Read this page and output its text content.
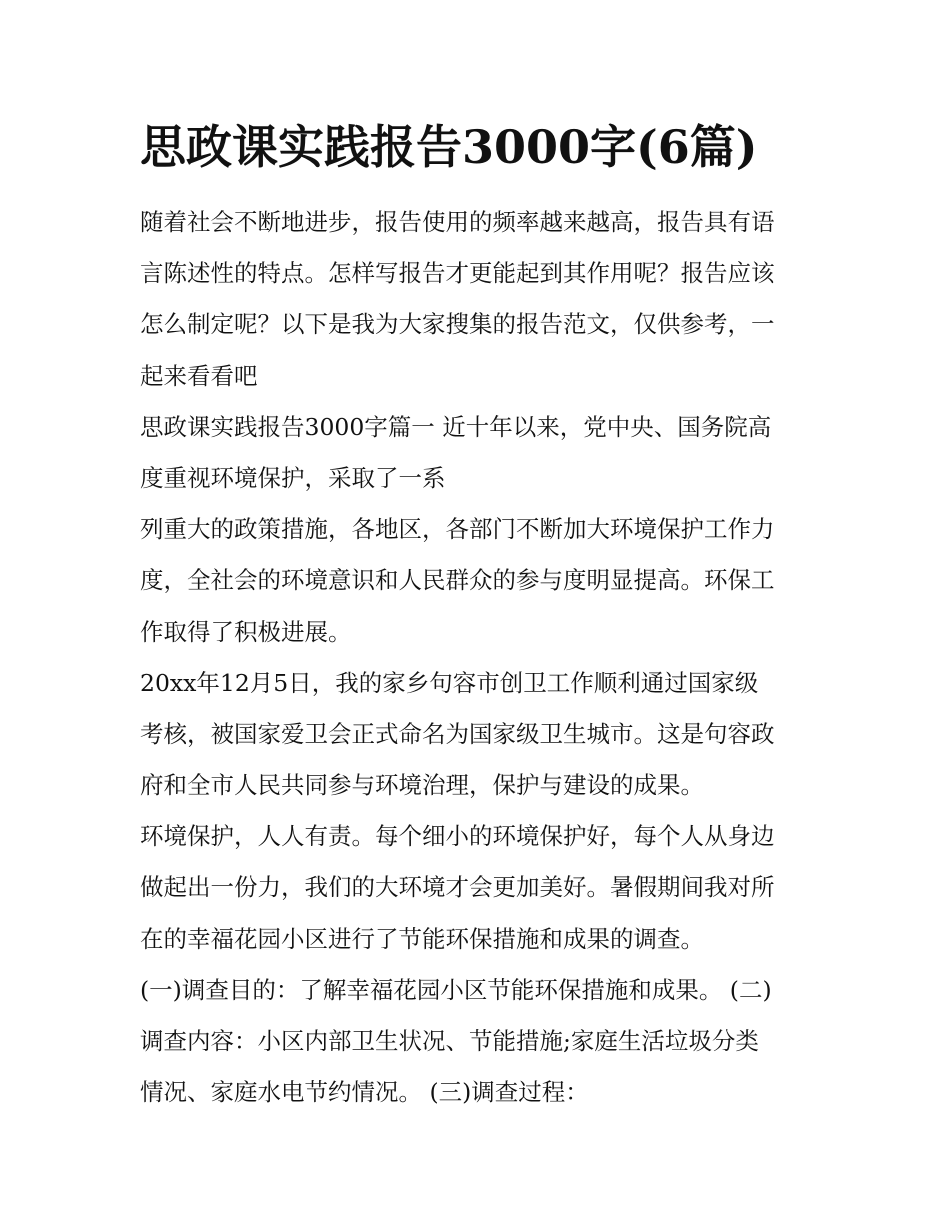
思政课实践报告3000字(6篇)
随着社会不断地进步，报告使用的频率越来越高，报告具有语
言陈述性的特点。怎样写报告才更能起到其作用呢？报告应该
怎么制定呢？以下是我为大家搜集的报告范文，仅供参考，一
起来看看吧
思政课实践报告3000字篇一 近十年以来，党中央、国务院高
度重视环境保护，采取了一系
列重大的政策措施，各地区，各部门不断加大环境保护工作力
度，全社会的环境意识和人民群众的参与度明显提高。环保工
作取得了积极进展。
20xx年12月5日，我的家乡句容市创卫工作顺利通过国家级
考核，被国家爱卫会正式命名为国家级卫生城市。这是句容政
府和全市人民共同参与环境治理，保护与建设的成果。
环境保护，人人有责。每个细小的环境保护好，每个人从身边
做起出一份力，我们的大环境才会更加美好。暑假期间我对所
在的幸福花园小区进行了节能环保措施和成果的调查。
(一)调查目的：了解幸福花园小区节能环保措施和成果。 (二)
调查内容：小区内部卫生状况、节能措施;家庭生活垃圾分类
情况、家庭水电节约情况。 (三)调查过程：
